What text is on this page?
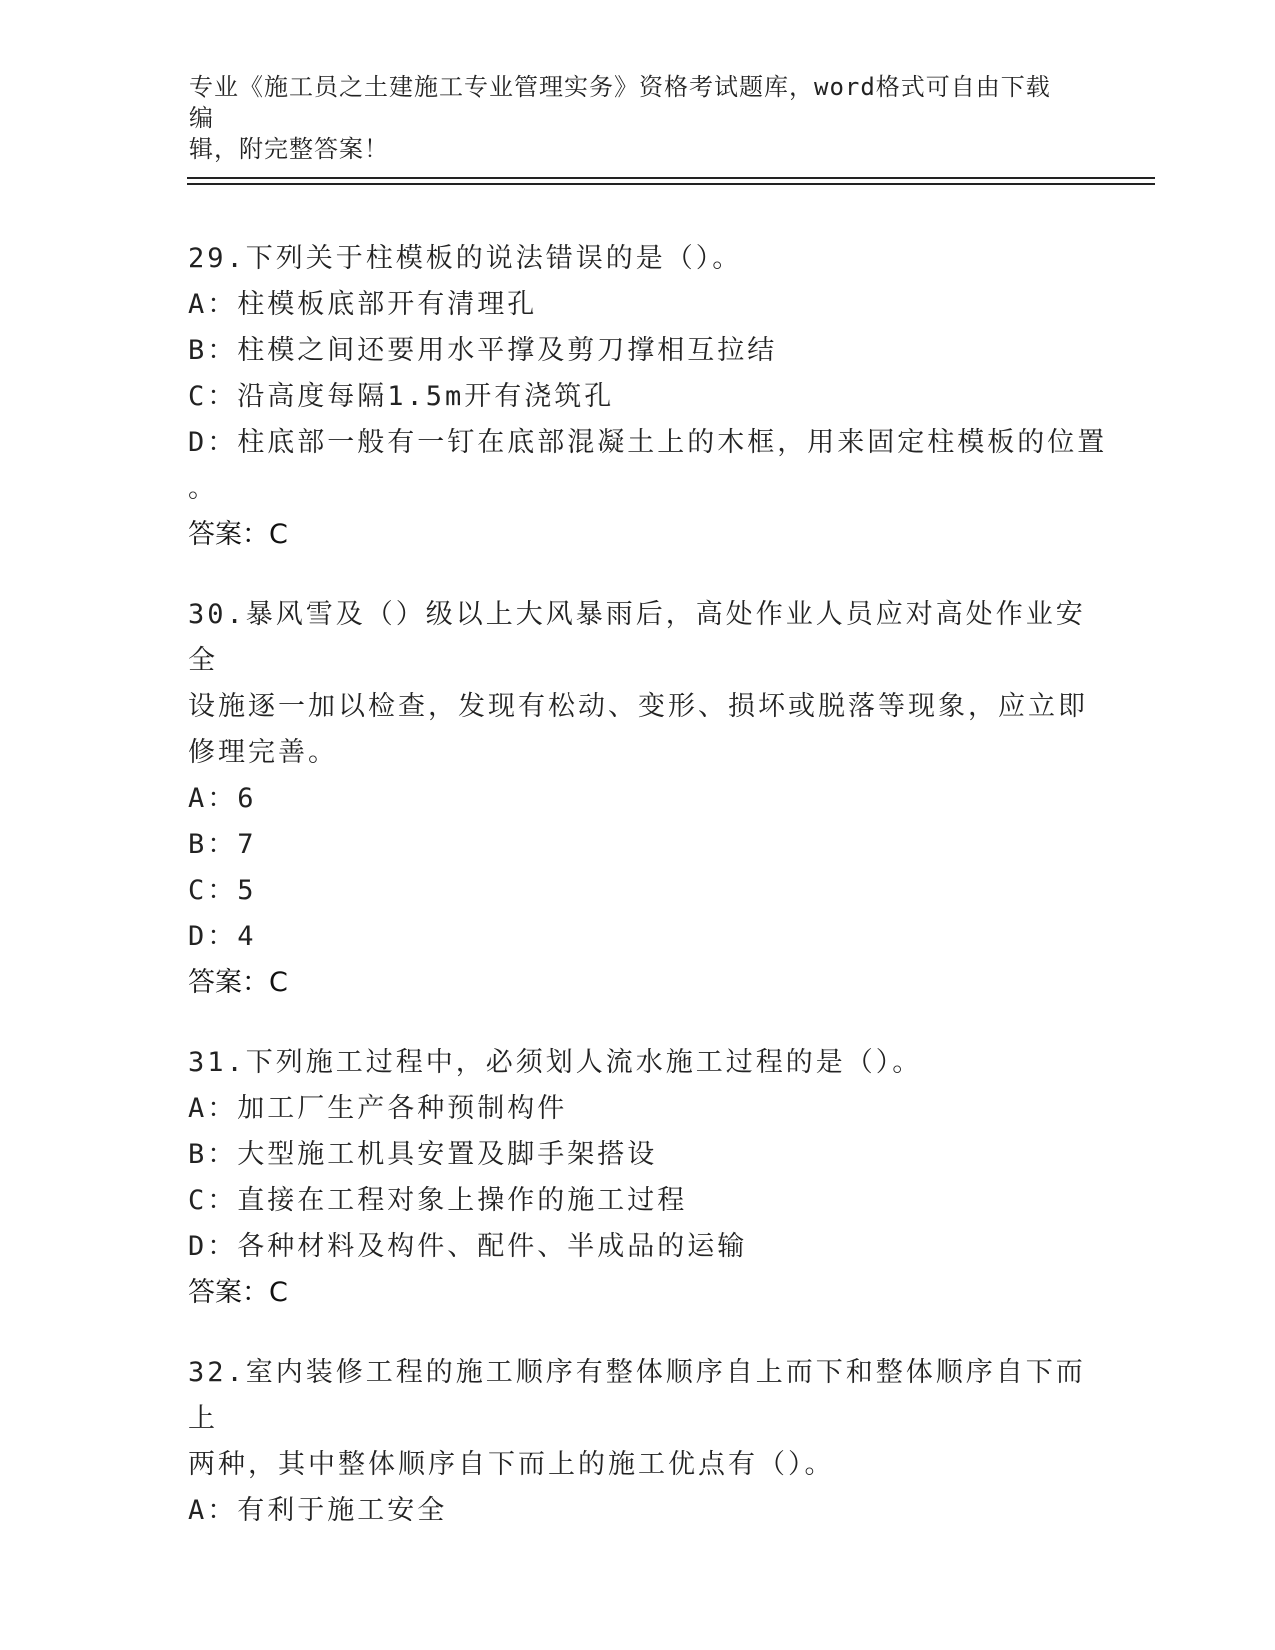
专业《施工员之土建施工专业管理实务》资格考试题库，word格式可自由下载编
辑，附完整答案！
29.下列关于柱模板的说法错误的是（）。
A：柱模板底部开有清理孔
B：柱模之间还要用水平撑及剪刀撑相互拉结
C：沿高度每隔1.5m开有浇筑孔
D：柱底部一般有一钉在底部混凝土上的木框，用来固定柱模板的位置
。
答案：C
30.暴风雪及（）级以上大风暴雨后，高处作业人员应对高处作业安全
设施逐一加以检查，发现有松动、变形、损坏或脱落等现象，应立即
修理完善。
A：6
B：7
C：5
D：4
答案：C
31.下列施工过程中，必须划人流水施工过程的是（）。
A：加工厂生产各种预制构件
B：大型施工机具安置及脚手架搭设
C：直接在工程对象上操作的施工过程
D：各种材料及构件、配件、半成品的运输
答案：C
32.室内装修工程的施工顺序有整体顺序自上而下和整体顺序自下而上
两种，其中整体顺序自下而上的施工优点有（）。
A：有利于施工安全
